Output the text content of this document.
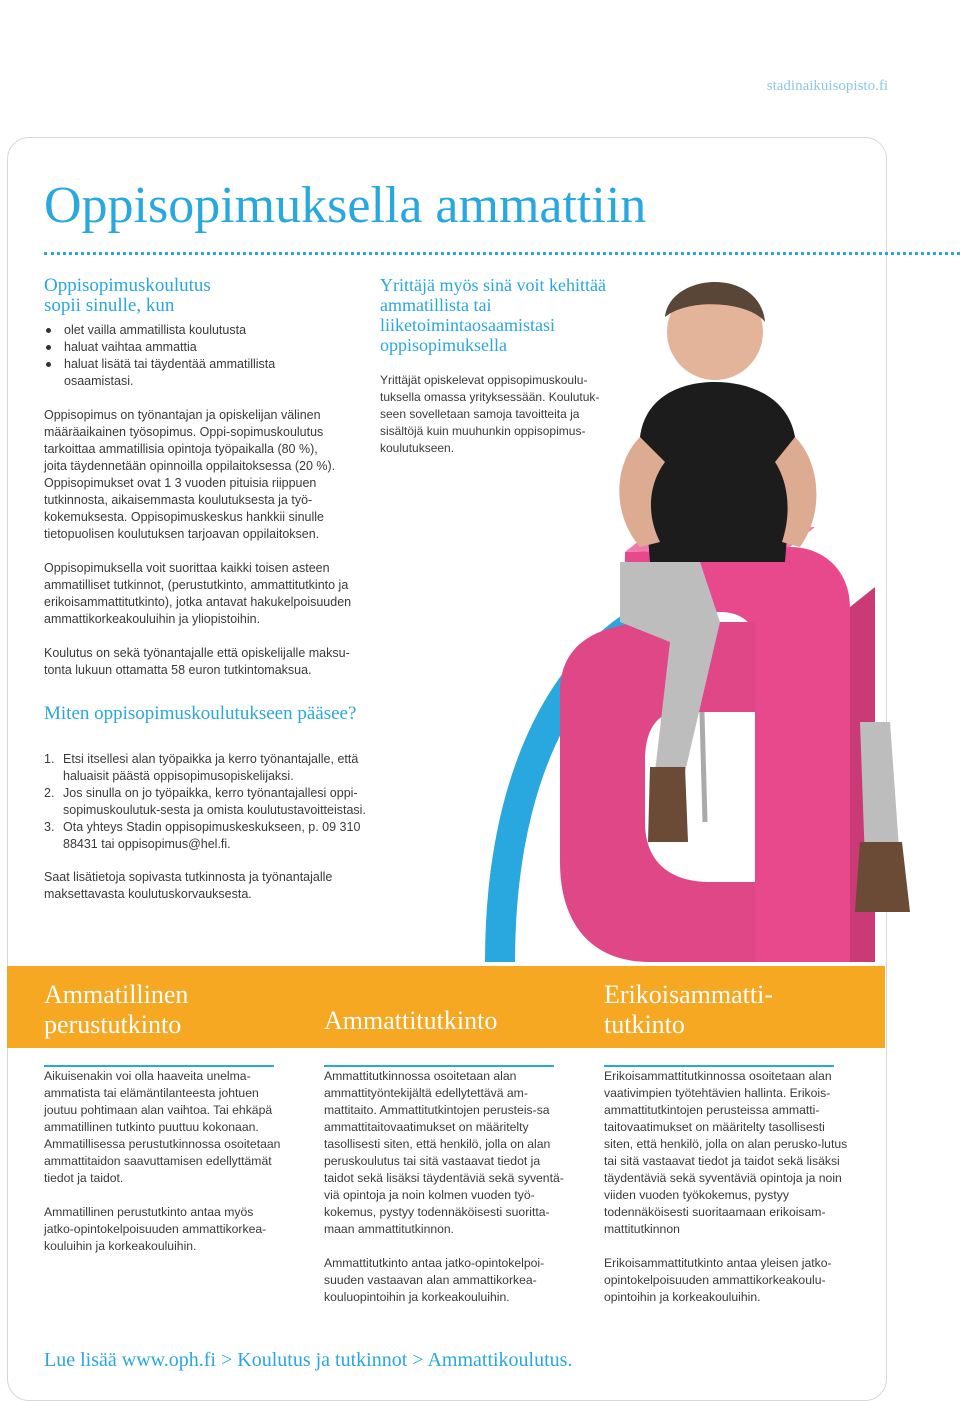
stadinaikuisopisto.fi
Oppisopimuksella ammattiin
Oppisopimuskoulutus
sopii sinulle, kun
olet vailla ammatillista koulutusta
haluat vaihtaa ammattia
haluat lisätä tai täydentää ammatillista osaamistasi.

Oppisopimus on työnantajan ja opiskelijan välinen määräaikainen työsopimus. Oppi-sopimuskoulutus tarkoittaa ammatillisia opintoja työpaikalla (80 %), joita täydennetään opinnoilla oppilaitoksessa (20 %). Oppisopimukset ovat 1 3 vuoden pituisia riippuen tutkinnosta, aikaisemmasta koulutuksesta ja työ-kokemuksesta. Oppisopimuskeskus hankkii sinulle tietopuolisen koulutuksen tarjoavan oppilaitoksen.

Oppisopimuksella voit suorittaa kaikki toisen asteen ammatilliset tutkinnot, (perustutkinto, ammattitutkinto ja erikoisammattitutkinto), jotka antavat hakukelpoisuuden ammattikorkeakouluihin ja yliopistoihin.

Koulutus on sekä työnantajalle että opiskelijalle maksu-tonta lukuun ottamatta 58 euron tutkintomaksua.

Miten oppisopimuskoulutukseen pääsee?
1. Etsi itsellesi alan työpaikka ja kerro työnantajalle, että haluaisit päästä oppisopimusopiskelijaksi.
2. Jos sinulla on jo työpaikka, kerro työnantajallesi oppi-sopimuskoulutuk-sesta ja omista koulutustavoitteistasi.
3. Ota yhteys Stadin oppisopimuskeskukseen, p. 09 310 88431 tai oppisopimus@hel.fi.

Saat lisätietoja sopivasta tutkinnosta ja työnantajalle maksettavasta koulutuskorvauksesta.

Yrittäjä myös sinä voit kehittää ammatillista tai liiketoimintaosaamistasi oppisopimuksella

Yrittäjät opiskelevat oppisopimuskoulu-tuksella omassa yrityksessään. Koulutuk-seen sovelletaan samoja tavoitteita ja sisältöjä kuin muuhunkin oppisopimus-koulutukseen.

Ammatillinen perustutkinto	Ammattitutkinto
Erikoisammatti-tutkinto

Aikuisenakin voi olla haaveita unelma-ammatista tai elämäntilanteesta johtuen joutuu pohtimaan alan vaihtoa. Tai ehkäpä ammatillinen tutkinto puuttuu kokonaan. Ammatillisessa perustutkinnossa osoitetaan ammattitaidon saavuttamisen edellyttämät tiedot ja taidot.

Ammatillinen perustutkinto antaa myös jatko-opintokelpoisuuden ammattikorkea-kouluihin ja korkeakouluihin.

Ammattitutkinnossa osoitetaan alan ammattityöntekijältä edellytettävä am-mattitaito. Ammattitutkintojen perusteis-sa ammattitaitovaatimukset on määritelty tasollisesti siten, että henkilö, jolla on alan peruskoulutus tai sitä vastaavat tiedot ja taidot sekä lisäksi täydentäviä sekä syventä-viä opintoja ja noin kolmen vuoden työ-kokemus, pystyy todennäköisesti suoritta-maan ammattitutkinnon.

Ammattitutkinto antaa jatko-opintokelpoi-suuden vastaavan alan ammattikorkea-kouluopintoihin ja korkeakouluihin.

Erikoisammattitutkinnossa osoitetaan alan vaativimpien työtehtävien hallinta. Erikois-ammattitutkintojen perusteissa ammatti-taitovaatimukset on määritelty tasollisesti siten, että henkilö, jolla on alan perusko-lutus tai sitä vastaavat tiedot ja taidot sekä lisäksi täydentäviä sekä syventäviä opintoja ja noin viiden vuoden työkokemus, pystyy todennäköisesti suoritaamaan erikoisam-mattitutkinnon

Erikoisammattitutkinto antaa yleisen jatko-opintokelpoisuuden ammattikorkeakoulu-opintoihin ja korkeakouluihin.

Lue lisää www.oph.fi > Koulutus ja tutkinnot > Ammattikoulutus.
